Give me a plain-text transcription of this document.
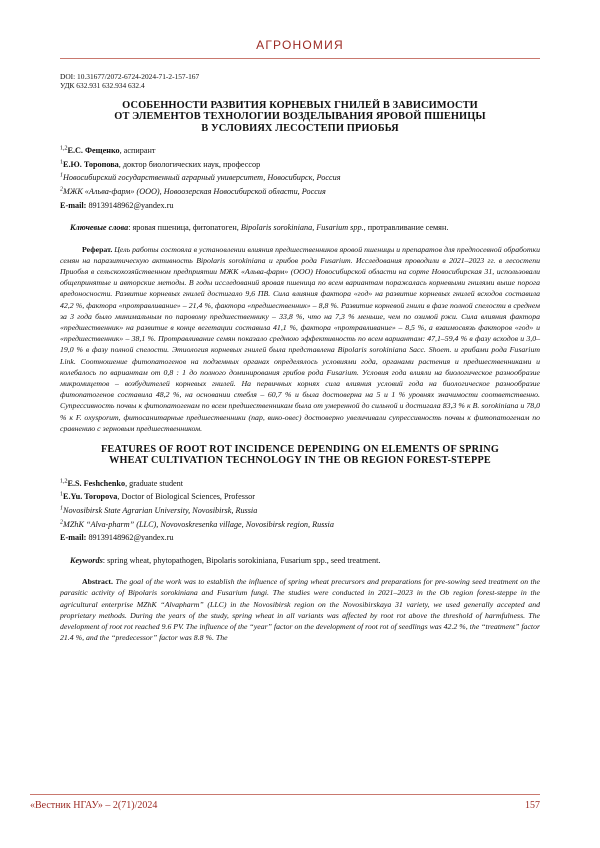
АГРОНОМИЯ

DOI: 10.31677/2072-6724-2024-71-2-157-167

УДК 632.931 632.934 632.4

ОСОБЕННОСТИ РАЗВИТИЯ КОРНЕВЫХ ГНИЛЕЙ В ЗАВИСИМОСТИ
ОТ ЭЛЕМЕНТОВ ТЕХНОЛОГИИ ВОЗДЕЛЫВАНИЯ ЯРОВОЙ ПШЕНИЦЫ
В УСЛОВИЯХ ЛЕСОСТЕПИ ПРИОБЬЯ

$^{1,2}$Е.С. Фещенко, аспирант

$^1$Е.Ю. Торопова, доктор биологических наук, профессор

$^1$Новосибирский государственный аграрный университет, Новосибирск, Россия

$^2$МЖК «Альва-фарм» (ООО), Новоозерская Новосибирской области, Россия

E-mail: 89139148962@yandex.ru

Ключевые слова: яровая пшеница, фитопатоген, Bipolaris sorokiniana, Fusarium spp., протравливание семян.

Реферат. Цель работы состояла в установлении влияния предшественников яровой пшеницы и препаратов для предпосевной обработки семян на паразитическую активность Bipolaris sorokiniana и грибов рода Fusarium. Исследования проводили в 2021–2023 гг. в лесостепи Приобья в сельскохозяйственном предприятии МЖК «Альва-фарм» (ООО) Новосибирской области на сорте Новосибирская 31, использовали общепринятые и авторские методы. В годы исследований яровая пшеница по всем вариантам поражалась корневыми гнилями выше порога вредоносности. Развитие корневых гнилей достигало 9,6 ПВ. Сила влияния фактора «год» на развитие корневых гнилей всходов составила 42,2 %, фактора «протравливание» – 21,4 %, фактора «предшественник» – 8,8 %. Развитие корневой гнили в фазе полной спелости в среднем за 3 года было минимальным по паровому предшественнику – 33,8 %, что на 7,3 % меньше, чем по озимой ржи. Сила влияния фактора «предшественник» на развитие в конце вегетации составила 41,1 %, фактора «протравливание» – 8,5 %, а взаимосвязь факторов «год» и «предшественник» – 38,1 %. Протравливание семян показало среднюю эффективность по всем вариантам: 47,1–59,4 % в фазу всходов и 3,0–19,0 % в фазу полной спелости. Этиология корневых гнилей была представлена Bipolaris sorokiniana Sacc. Shoem. и грибами рода Fusarium Link. Соотношение фитопатогенов на подземных органах определялось условиями года, органами растения и предшественниками и колебалось по вариантам от 0,8 : 1 до полного доминирования грибов рода Fusarium. Условия года влияли на биологическое разнообразие микромицетов – возбудителей корневых гнилей. На первичных корнях сила влияния условий года на биологическое разнообразие фитопатогенов составила 48,2 %, на основании стебля – 60,7 % и была достоверна на 5 и 1 % уровнях значимости соответственно. Супрессивность почвы к фитопатогенам по всем предшественникам была от умеренной до сильной и достигала 83,3 % к B. sorokiniana и 78,0 % к F. oxysporum, фитосанитарные предшественники (пар, вико-овес) достоверно увеличивали супрессивность почвы к фитопатогенам по сравнению с зерновым предшественником.

FEATURES OF ROOT ROT INCIDENCE DEPENDING ON ELEMENTS OF SPRING
WHEAT CULTIVATION TECHNOLOGY IN THE OB REGION FOREST-STEPPE

$^{1,2}$E.S. Feshchenko, graduate student

$^1$E.Yu. Toropova, Doctor of Biological Sciences, Professor

$^1$Novosibirsk State Agrarian University, Novosibirsk, Russia

$^2$MZhK “Alva-pharm” (LLC), Novovoskresenka village, Novosibirsk region, Russia

E-mail: 89139148962@yandex.ru

Keywords: spring wheat, phytopathogen, Bipolaris sorokiniana, Fusarium spp., seed treatment.

Abstract. The goal of the work was to establish the influence of spring wheat precursors and preparations for pre-sowing seed treatment on the parasitic activity of Bipolaris sorokiniana and Fusarium fungi. The studies were conducted in 2021–2023 in the Ob region forest-steppe in the agricultural enterprise MZhK “Alvapharm” (LLC) in the Novosibirsk region on the Novosibirskaya 31 variety, we used generally accepted and proprietary methods. During the years of the study, spring wheat in all variants was affected by root rot above the threshold of harmfulness. The development of root rot reached 9.6 PV. The influence of the “year” factor on the development of root rot of seedlings was 42.2 %, the “treatment” factor 21.4 %, and the “predecessor” factor was 8.8 %. The

«Вестник НГАУ» – 2(71)/2024	157
